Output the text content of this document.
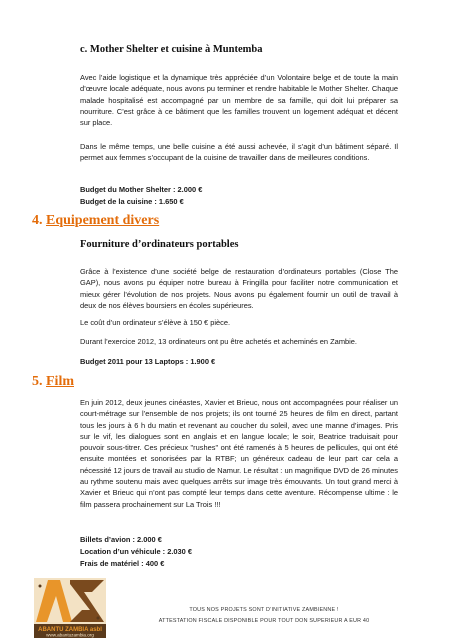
c. Mother Shelter et cuisine à Muntemba

Avec l’aide logistique et la dynamique très appréciée d’un Volontaire belge et de toute la main d’œuvre locale adéquate, nous avons pu terminer et rendre habitable le Mother Shelter. Chaque malade hospitalisé est accompagné par un membre de sa famille, qui doit lui préparer sa nourriture. C’est grâce à ce bâtiment que les familles trouvent un logement adéquat et décent sur place.

Dans le même temps, une belle cuisine a été aussi achevée, il s’agit d’un bâtiment séparé. Il permet aux femmes s’occupant de la cuisine de travailler dans de meilleures conditions.

Budget du Mother Shelter : 2.000 €

Budget de la cuisine : 1.650 €

4. Equipement divers
Fourniture d’ordinateurs portables

Grâce à l’existence d’une société belge de restauration d’ordinateurs portables (Close The GAP), nous avons pu équiper notre bureau à Fringilla pour faciliter notre communication et mieux gérer l’évolution de nos projets. Nous avons pu également fournir un outil de travail à deux de nos élèves boursiers en écoles supérieures.

Le coût d’un ordinateur s’élève à 150 € pièce.

Durant l’exercice 2012, 13 ordinateurs ont pu être achetés et acheminés en Zambie.

Budget 2011 pour 13 Laptops : 1.900 €

5. Film

En juin 2012, deux jeunes cinéastes, Xavier et Brieuc, nous ont accompagnées pour réaliser un court-métrage sur l’ensemble de nos projets; ils ont tourné 25 heures de film en direct, partant tous les jours à 6 h du matin et revenant au coucher du soleil, avec une manne d’images. Pris sur le vif, les dialogues sont en anglais et en langue locale; le soir, Beatrice traduisait pour pouvoir sous-titrer. Ces précieux "rushes" ont été ramenés à 5 heures de pellicules, qui ont été ensuite montées et sonorisées par la RTBF; un généreux cadeau de leur part car cela a nécessité 12 jours de travail au studio de Namur. Le résultat : un magnifique DVD de 26 minutes au rythme soutenu mais avec quelques arrêts sur image très émouvants. Un tout grand merci à Xavier et Brieuc qui n’ont pas compté leur temps dans cette aventure. Récompense ultime : le film passera prochainement sur La Trois !!!

Billets d’avion : 2.000 €

Location d’un véhicule : 2.030 €

Frais de matériel : 400 €

ABANTU ZAMBIA asbl
www.abantuzambia.org

TOUS NOS PROJETS SONT D’INITIATIVE ZAMBIENNE !

ATTESTATION FISCALE DISPONIBLE POUR TOUT DON SUPERIEUR A EUR 40
